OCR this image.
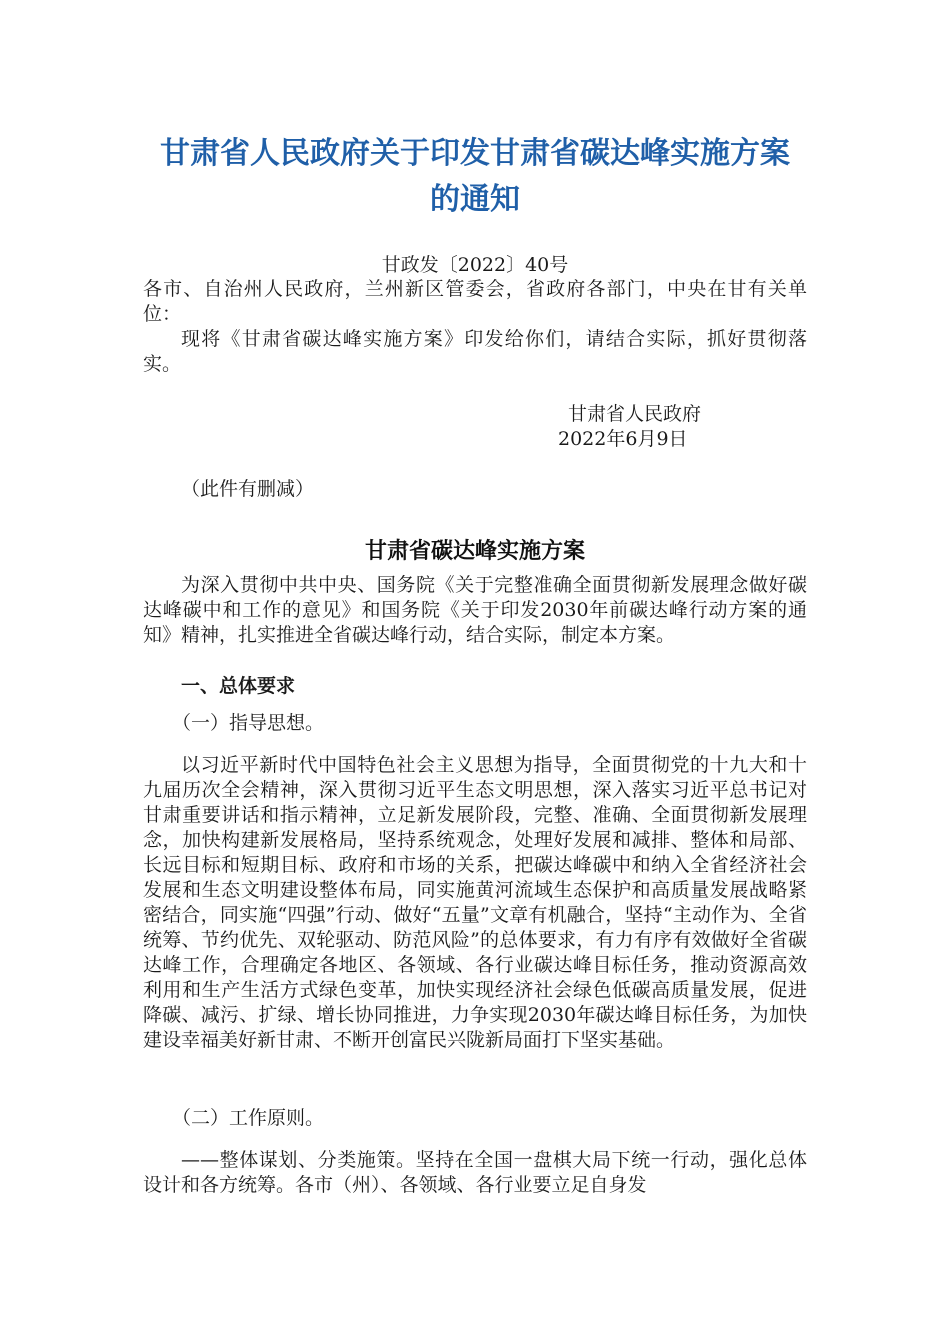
甘肃省人民政府关于印发甘肃省碳达峰实施方案
的通知
甘政发〔2022〕40号

各市、自治州人民政府，兰州新区管委会，省政府各部门，中央在甘有关单位：

现将《甘肃省碳达峰实施方案》印发给你们，请结合实际，抓好贯彻落实。

甘肃省人民政府
2022年6月9日
（此件有删减）
甘肃省碳达峰实施方案

为深入贯彻中共中央、国务院《关于完整准确全面贯彻新发展理念做好碳达峰碳中和工作的意见》和国务院《关于印发2030年前碳达峰行动方案的通知》精神，扎实推进全省碳达峰行动，结合实际，制定本方案。

一、总体要求
（一）指导思想。

以习近平新时代中国特色社会主义思想为指导，全面贯彻党的十九大和十九届历次全会精神，深入贯彻习近平生态文明思想，深入落实习近平总书记对甘肃重要讲话和指示精神，立足新发展阶段，完整、准确、全面贯彻新发展理念，加快构建新发展格局，坚持系统观念，处理好发展和减排、整体和局部、长远目标和短期目标、政府和市场的关系，把碳达峰碳中和纳入全省经济社会发展和生态文明建设整体布局，同实施黄河流域生态保护和高质量发展战略紧密结合，同实施“四强”行动、做好“五量”文章有机融合，坚持“主动作为、全省统筹、节约优先、双轮驱动、防范风险”的总体要求，有力有序有效做好全省碳达峰工作，合理确定各地区、各领域、各行业碳达峰目标任务，推动资源高效利用和生产生活方式绿色变革，加快实现经济社会绿色低碳高质量发展，促进降碳、减污、扩绿、增长协同推进，力争实现2030年碳达峰目标任务，为加快建设幸福美好新甘肃、不断开创富民兴陇新局面打下坚实基础。

（二）工作原则。

——整体谋划、分类施策。坚持在全国一盘棋大局下统一行动，强化总体设计和各方统筹。各市（州）、各领域、各行业要立足自身发
